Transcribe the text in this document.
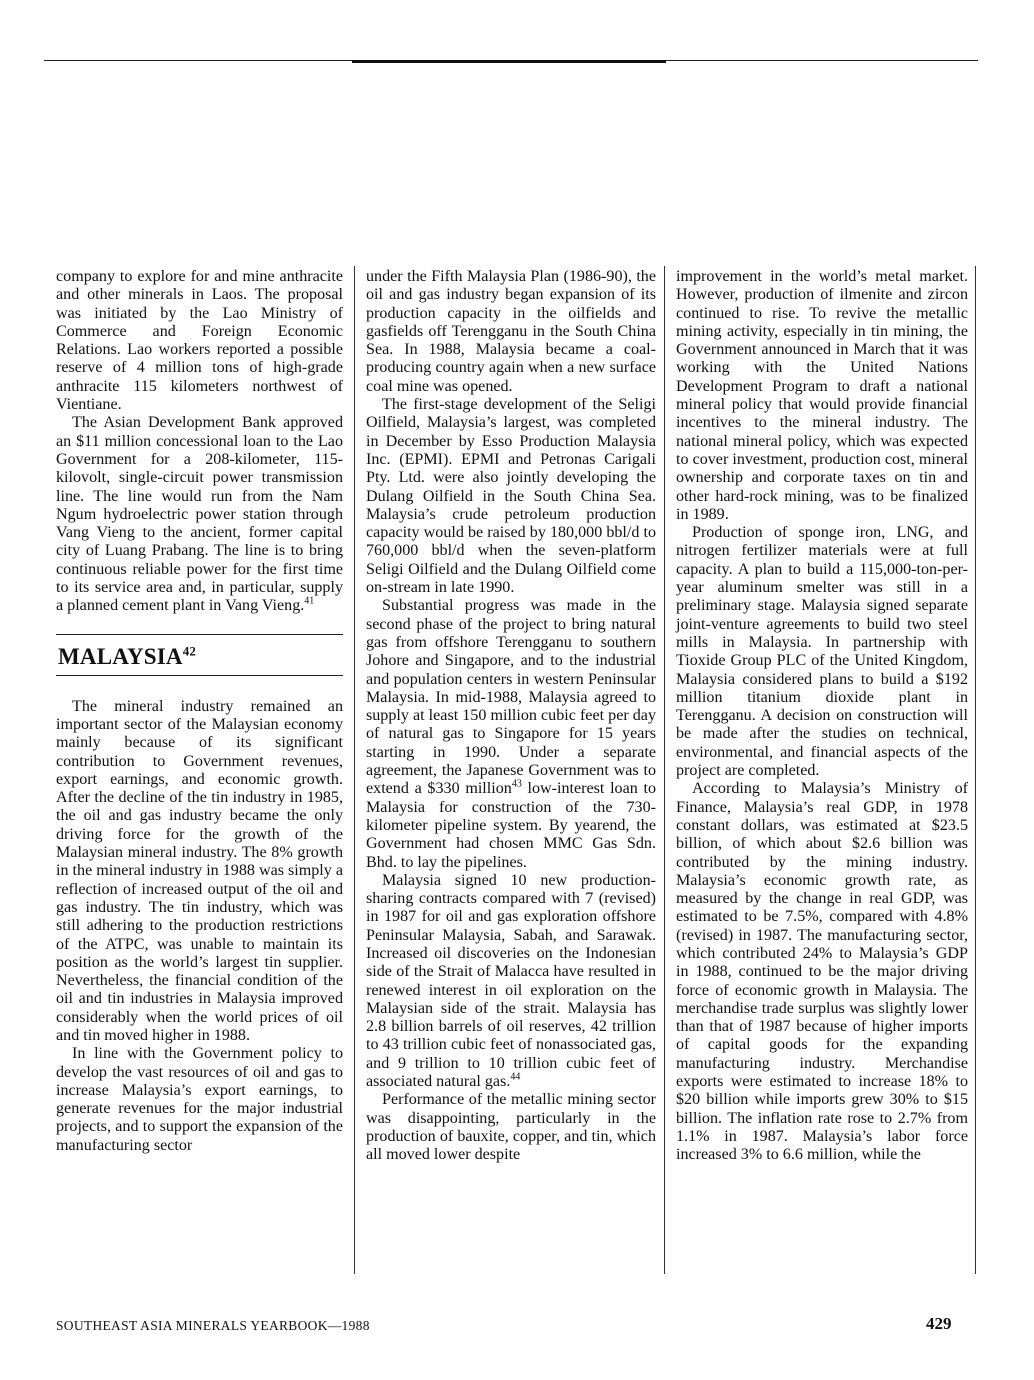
company to explore for and mine anthracite and other minerals in Laos. The proposal was initiated by the Lao Ministry of Commerce and Foreign Economic Relations. Lao workers reported a possible reserve of 4 million tons of high-grade anthracite 115 kilometers northwest of Vientiane.

The Asian Development Bank approved an $11 million concessional loan to the Lao Government for a 208-kilometer, 115-kilovolt, single-circuit power transmission line. The line would run from the Nam Ngum hydroelectric power station through Vang Vieng to the ancient, former capital city of Luang Prabang. The line is to bring continuous reliable power for the first time to its service area and, in particular, supply a planned cement plant in Vang Vieng.$^{41}$

MALAYSIA$^{42}$

The mineral industry remained an important sector of the Malaysian economy mainly because of its significant contribution to Government revenues, export earnings, and economic growth. After the decline of the tin industry in 1985, the oil and gas industry became the only driving force for the growth of the Malaysian mineral industry. The 8% growth in the mineral industry in 1988 was simply a reflection of increased output of the oil and gas industry. The tin industry, which was still adhering to the production restrictions of the ATPC, was unable to maintain its position as the world’s largest tin supplier. Nevertheless, the financial condition of the oil and tin industries in Malaysia improved considerably when the world prices of oil and tin moved higher in 1988.

In line with the Government policy to develop the vast resources of oil and gas to increase Malaysia’s export earnings, to generate revenues for the major industrial projects, and to support the expansion of the manufacturing sector

under the Fifth Malaysia Plan (1986-90), the oil and gas industry began expansion of its production capacity in the oilfields and gasfields off Terengganu in the South China Sea. In 1988, Malaysia became a coal-producing country again when a new surface coal mine was opened.

The first-stage development of the Seligi Oilfield, Malaysia’s largest, was completed in December by Esso Production Malaysia Inc. (EPMI). EPMI and Petronas Carigali Pty. Ltd. were also jointly developing the Dulang Oilfield in the South China Sea. Malaysia’s crude petroleum production capacity would be raised by 180,000 bbl/d to 760,000 bbl/d when the seven-platform Seligi Oilfield and the Dulang Oilfield come on-stream in late 1990.

Substantial progress was made in the second phase of the project to bring natural gas from offshore Terengganu to southern Johore and Singapore, and to the industrial and population centers in western Peninsular Malaysia. In mid-1988, Malaysia agreed to supply at least 150 million cubic feet per day of natural gas to Singapore for 15 years starting in 1990. Under a separate agreement, the Japanese Government was to extend a $330 million$^{43}$ low-interest loan to Malaysia for construction of the 730-kilometer pipeline system. By yearend, the Government had chosen MMC Gas Sdn. Bhd. to lay the pipelines.

Malaysia signed 10 new production-sharing contracts compared with 7 (revised) in 1987 for oil and gas exploration offshore Peninsular Malaysia, Sabah, and Sarawak. Increased oil discoveries on the Indonesian side of the Strait of Malacca have resulted in renewed interest in oil exploration on the Malaysian side of the strait. Malaysia has 2.8 billion barrels of oil reserves, 42 trillion to 43 trillion cubic feet of nonassociated gas, and 9 trillion to 10 trillion cubic feet of associated natural gas.$^{44}$

Performance of the metallic mining sector was disappointing, particularly in the production of bauxite, copper, and tin, which all moved lower despite

improvement in the world’s metal market. However, production of ilmenite and zircon continued to rise. To revive the metallic mining activity, especially in tin mining, the Government announced in March that it was working with the United Nations Development Program to draft a national mineral policy that would provide financial incentives to the mineral industry. The national mineral policy, which was expected to cover investment, production cost, mineral ownership and corporate taxes on tin and other hard-rock mining, was to be finalized in 1989.

Production of sponge iron, LNG, and nitrogen fertilizer materials were at full capacity. A plan to build a 115,000-ton-per-year aluminum smelter was still in a preliminary stage. Malaysia signed separate joint-venture agreements to build two steel mills in Malaysia. In partnership with Tioxide Group PLC of the United Kingdom, Malaysia considered plans to build a $192 million titanium dioxide plant in Terengganu. A decision on construction will be made after the studies on technical, environmental, and financial aspects of the project are completed.

According to Malaysia’s Ministry of Finance, Malaysia’s real GDP, in 1978 constant dollars, was estimated at $23.5 billion, of which about $2.6 billion was contributed by the mining industry. Malaysia’s economic growth rate, as measured by the change in real GDP, was estimated to be 7.5%, compared with 4.8% (revised) in 1987. The manufacturing sector, which contributed 24% to Malaysia’s GDP in 1988, continued to be the major driving force of economic growth in Malaysia. The merchandise trade surplus was slightly lower than that of 1987 because of higher imports of capital goods for the expanding manufacturing industry. Merchandise exports were estimated to increase 18% to $20 billion while imports grew 30% to $15 billion. The inflation rate rose to 2.7% from 1.1% in 1987. Malaysia’s labor force increased 3% to 6.6 million, while the

SOUTHEAST ASIA MINERALS YEARBOOK—1988	429
